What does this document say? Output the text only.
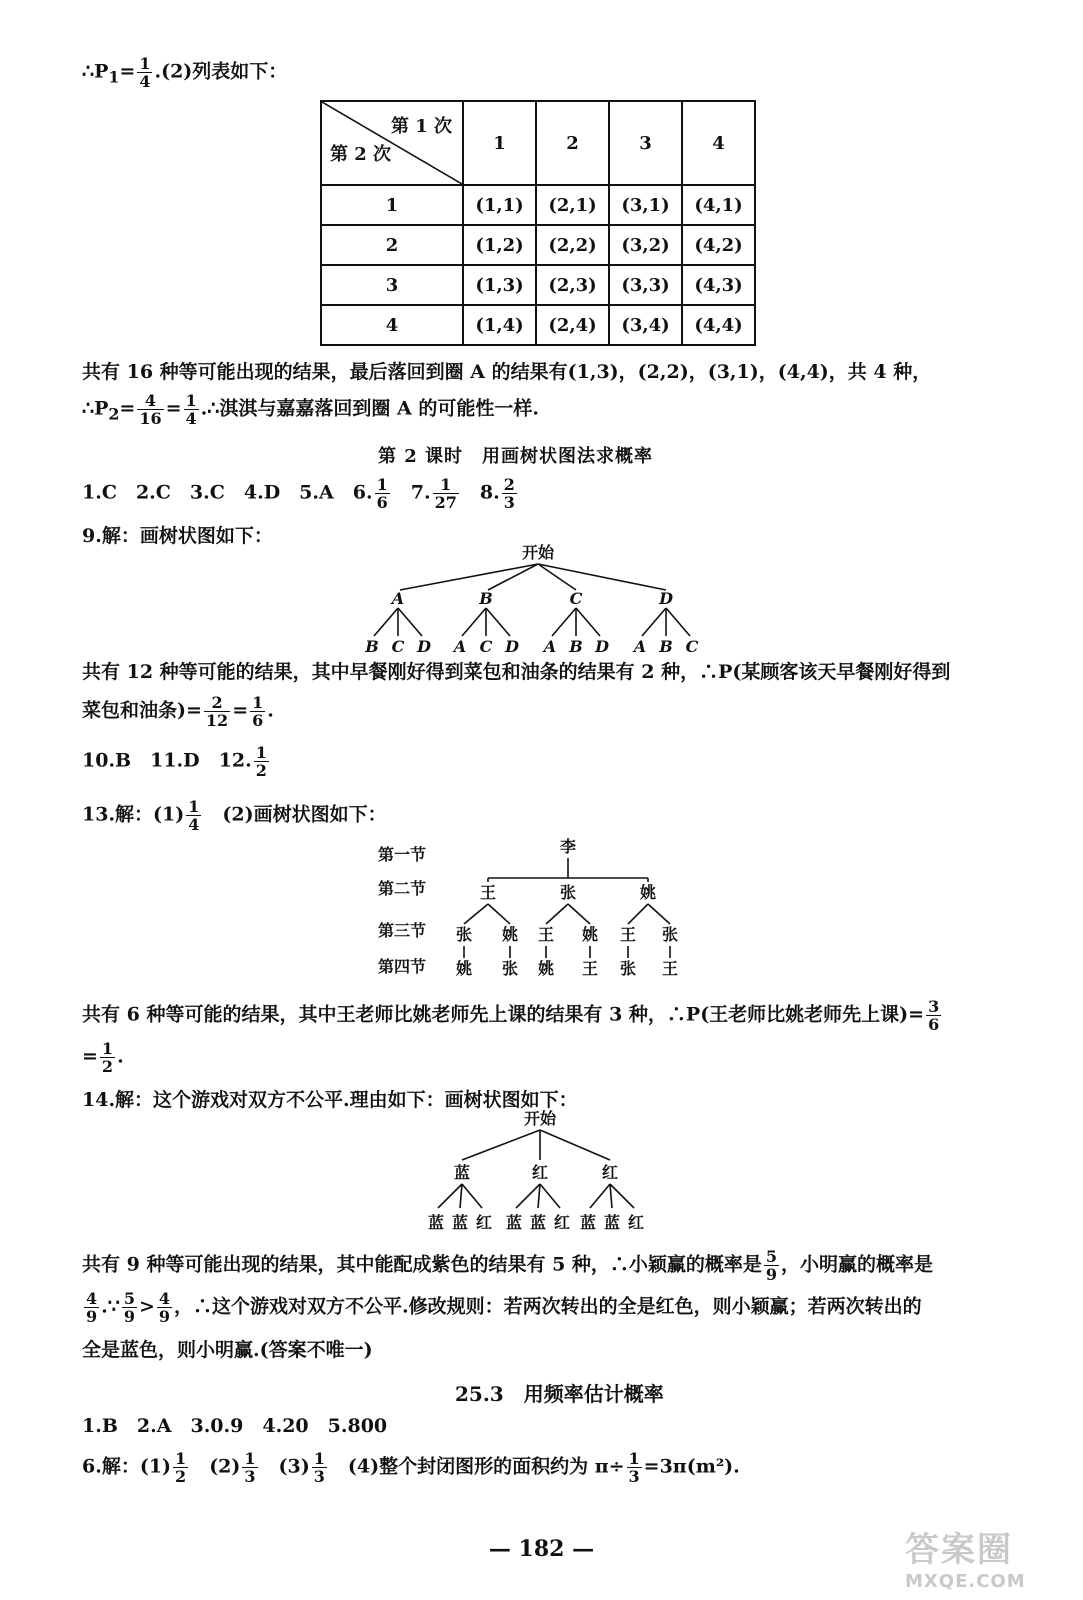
$\therefore P_1= \frac{1}{4} .(2)$列表如下：
第 1 次
第 2 次	1	2	3	4
1	(1,1)	(2,1)	(3,1)	(4,1)
2	(1,2)	(2,2)	(3,2)	(4,2)
3	(1,3)	(2,3)	(3,3)	(4,3)
4	(1,4)	(2,4)	(3,4)	(4,4)
共有 16 种等可能出现的结果，最后落回到圈 A 的结果有(1,3)，(2,2)，(3,1)，(4,4)，共 4 种，
$\therefore P_2= \frac{4}{16} = \frac{1}{4}$ .∴淇淇与嘉嘉落回到圈 A 的可能性一样.
第 2 课时　用画树状图法求概率
1.C　2.C　3.C　4.D　5.A　6. $\frac{1}{6}$ 　7. $\frac{1}{27}$ 　8. $\frac{2}{3}$
9.解：画树状图如下：
开始
A	B	C	D
B C D A C D A B D A B C
共有 12 种等可能的结果，其中早餐刚好得到菜包和油条的结果有 2 种，∴P(某顾客该天早餐刚好得到
菜包和油条)= $\frac{2}{12} = \frac{1}{6}$ .
10.B　11.D　12. $\frac{1}{2}$
13.解：$(1) \frac{1}{4}$ 　(2)画树状图如下：
第一节
第二节
第三节
第四节
李
王	张	姚
张 姚 王 姚 王 张
姚 张 姚 王 张 王
共有 6 种等可能的结果，其中王老师比姚老师先上课的结果有 3 种，∴P(王老师比姚老师先上课)= $\frac{3}{6}$
= $\frac{1}{2}$ .
14.解：这个游戏对双方不公平.理由如下：画树状图如下：
开始
蓝	红	红
蓝 蓝 红 蓝 蓝 红 蓝 蓝 红
共有 9 种等可能出现的结果，其中能配成紫色的结果有 5 种，∴小颖赢的概率是 $\frac{5}{9}$ ，小明赢的概率是
$\frac{4}{9}$ .∵ $\frac{5}{9} > \frac{4}{9}$ ，∴这个游戏对双方不公平.修改规则：若两次转出的全是红色，则小颖赢；若两次转出的
全是蓝色，则小明赢.(答案不唯一)
25.3　用频率估计概率
1.B　2.A　3.0.9　4.20　5.800
6.解：$(1) \frac{1}{2}$ 　$(2) \frac{1}{3}$ 　$(3) \frac{1}{3}$ 　(4)整个封闭图形的面积约为 $\pi\div \frac{1}{3} =3\pi(m^2)$.
— 182 —	答案圈
MXQE.COM
